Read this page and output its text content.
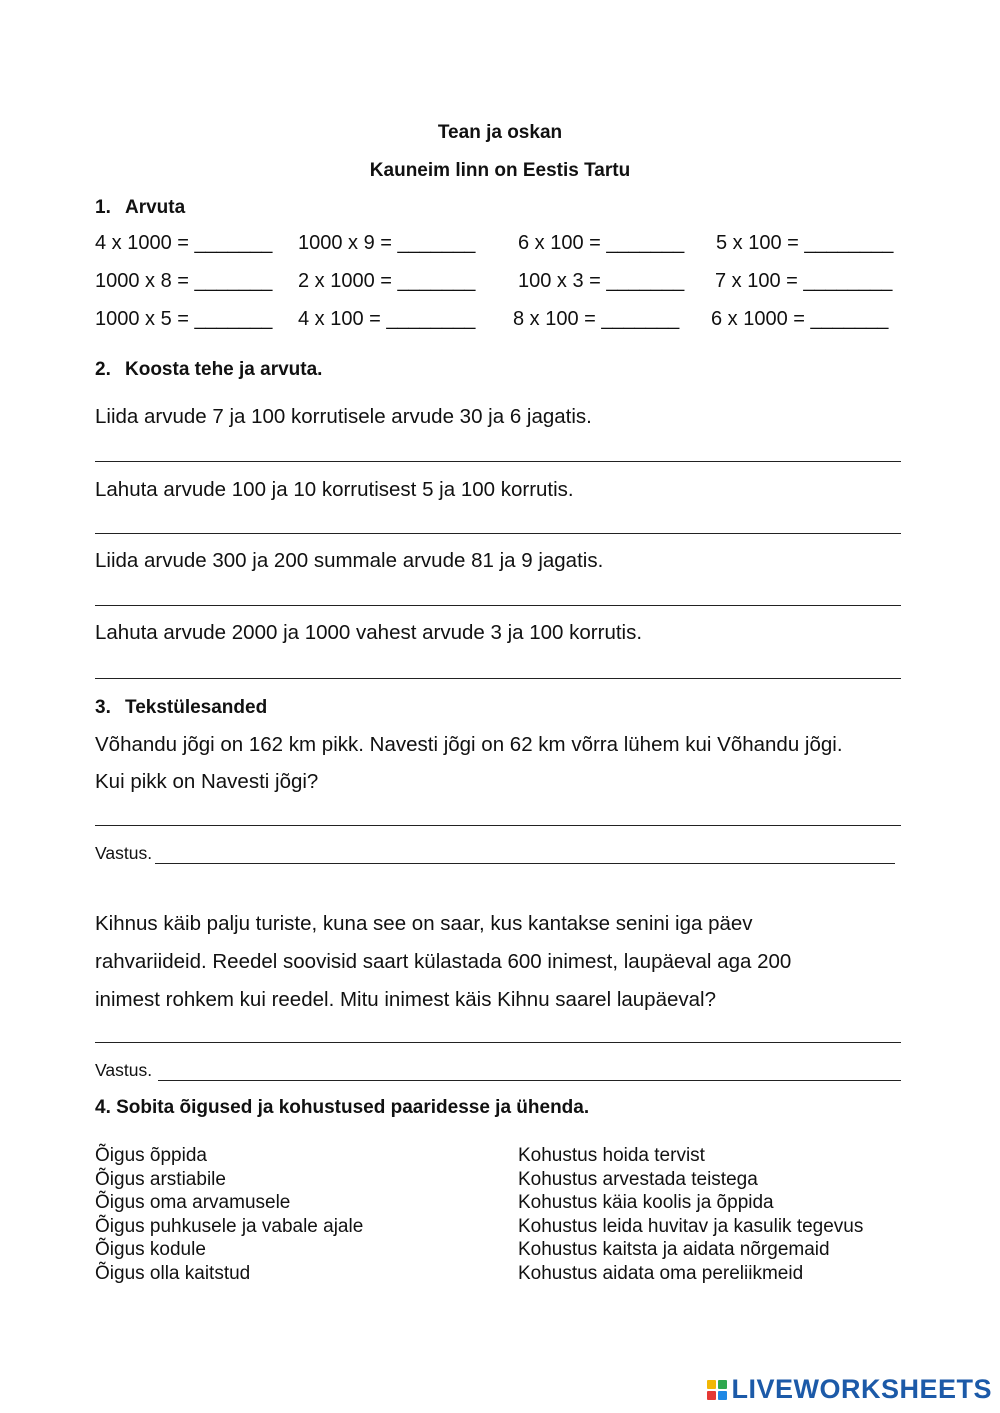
Tean ja oskan
Kauneim linn on Eestis Tartu
1. Arvuta
4 x 1000 = _______ 1000 x 9 = _______ 6 x 100 = _______ 5 x 100 = ________
1000 x 8 = _______ 2 x 1000 = _______ 100 x 3 = _______ 7 x 100 = ________
1000 x 5 = _______ 4 x 100 = ________ 8 x 100 = _______ 6 x 1000 = _______
2. Koosta tehe ja arvuta.
Liida arvude 7 ja 100 korrutisele arvude 30 ja 6 jagatis.
Lahuta arvude 100 ja 10 korrutisest 5 ja 100 korrutis.
Liida arvude 300 ja 200 summale arvude 81 ja 9 jagatis.
Lahuta arvude 2000 ja 1000 vahest arvude 3 ja 100 korrutis.
3. Tekstülesanded
Võhandu jõgi on 162 km pikk. Navesti jõgi on 62 km võrra lühem kui Võhandu jõgi.
Kui pikk on Navesti jõgi?
Vastus.
Kihnus käib palju turiste, kuna see on saar, kus kantakse senini iga päev
rahvariideid. Reedel soovisid saart külastada 600 inimest, laupäeval aga 200
inimest rohkem kui reedel. Mitu inimest käis Kihnu saarel laupäeval?
Vastus.
4. Sobita õigused ja kohustused paaridesse ja ühenda.
Õigus õppida
Õigus arstiabile
Õigus oma arvamusele
Õigus puhkusele ja vabale ajale
Õigus kodule
Õigus olla kaitstud
Kohustus hoida tervist
Kohustus arvestada teistega
Kohustus käia koolis ja õppida
Kohustus leida huvitav ja kasulik tegevus
Kohustus kaitsta ja aidata nõrgemaid
Kohustus aidata oma pereliikmeid
LIVEWORKSHEETS
